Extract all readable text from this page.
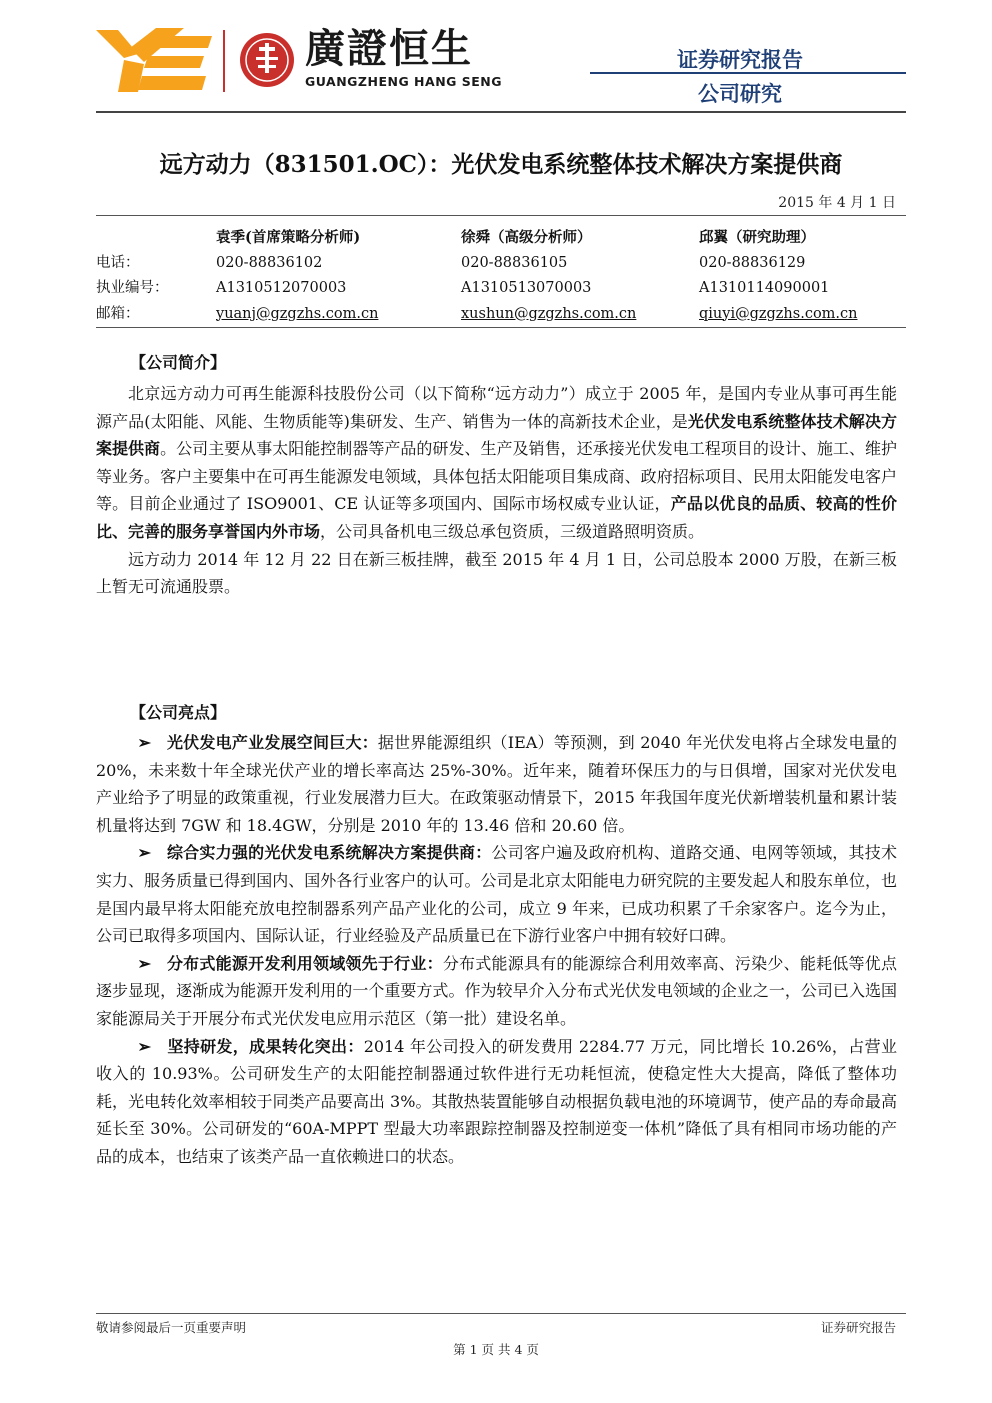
廣證恒生
GUANGZHENG HANG SENG
证券研究报告
公司研究
远方动力（831501.OC）：光伏发电系统整体技术解决方案提供商
2015 年 4 月 1 日
袁季(首席策略分析师)	徐舜（高级分析师）	邱翼（研究助理）
电话：	020-88836102	020-88836105	020-88836129
执业编号：	A1310512070003	A1310513070003	A1310114090001
邮箱：	yuanj@gzgzhs.com.cn	xushun@gzgzhs.com.cn	qiuyi@gzgzhs.com.cn
【公司简介】

北京远方动力可再生能源科技股份公司（以下简称“远方动力”）成立于 2005 年，是国内专业从事可再生能源产品(太阳能、风能、生物质能等)集研发、生产、销售为一体的高新技术企业，是光伏发电系统整体技术解决方案提供商。公司主要从事太阳能控制器等产品的研发、生产及销售，还承接光伏发电工程项目的设计、施工、维护等业务。客户主要集中在可再生能源发电领域，具体包括太阳能项目集成商、政府招标项目、民用太阳能发电客户等。目前企业通过了 ISO9001、CE 认证等多项国内、国际市场权威专业认证，产品以优良的品质、较高的性价比、完善的服务享誉国内外市场，公司具备机电三级总承包资质，三级道路照明资质。

远方动力 2014 年 12 月 22 日在新三板挂牌，截至 2015 年 4 月 1 日，公司总股本 2000 万股，在新三板上暂无可流通股票。

【公司亮点】

➢ 光伏发电产业发展空间巨大：据世界能源组织（IEA）等预测，到 2040 年光伏发电将占全球发电量的 20%，未来数十年全球光伏产业的增长率高达 25%-30%。近年来，随着环保压力的与日俱增，国家对光伏发电产业给予了明显的政策重视，行业发展潜力巨大。在政策驱动情景下，2015 年我国年度光伏新增装机量和累计装机量将达到 7GW 和 18.4GW，分别是 2010 年的 13.46 倍和 20.60 倍。

➢ 综合实力强的光伏发电系统解决方案提供商：公司客户遍及政府机构、道路交通、电网等领域，其技术实力、服务质量已得到国内、国外各行业客户的认可。公司是北京太阳能电力研究院的主要发起人和股东单位，也是国内最早将太阳能充放电控制器系列产品产业化的公司，成立 9 年来，已成功积累了千余家客户。迄今为止，公司已取得多项国内、国际认证，行业经验及产品质量已在下游行业客户中拥有较好口碑。

➢ 分布式能源开发利用领域领先于行业：分布式能源具有的能源综合利用效率高、污染少、能耗低等优点逐步显现，逐渐成为能源开发利用的一个重要方式。作为较早介入分布式光伏发电领域的企业之一，公司已入选国家能源局关于开展分布式光伏发电应用示范区（第一批）建设名单。

➢ 坚持研发，成果转化突出：2014 年公司投入的研发费用 2284.77 万元，同比增长 10.26%，占营业收入的 10.93%。公司研发生产的太阳能控制器通过软件进行无功耗恒流，使稳定性大大提高，降低了整体功耗，光电转化效率相较于同类产品要高出 3%。其散热装置能够自动根据负载电池的环境调节，使产品的寿命最高延长至 30%。公司研发的“60A-MPPT 型最大功率跟踪控制器及控制逆变一体机”降低了具有相同市场功能的产品的成本，也结束了该类产品一直依赖进口的状态。

敬请参阅最后一页重要声明	证券研究报告
第 1 页 共 4 页
